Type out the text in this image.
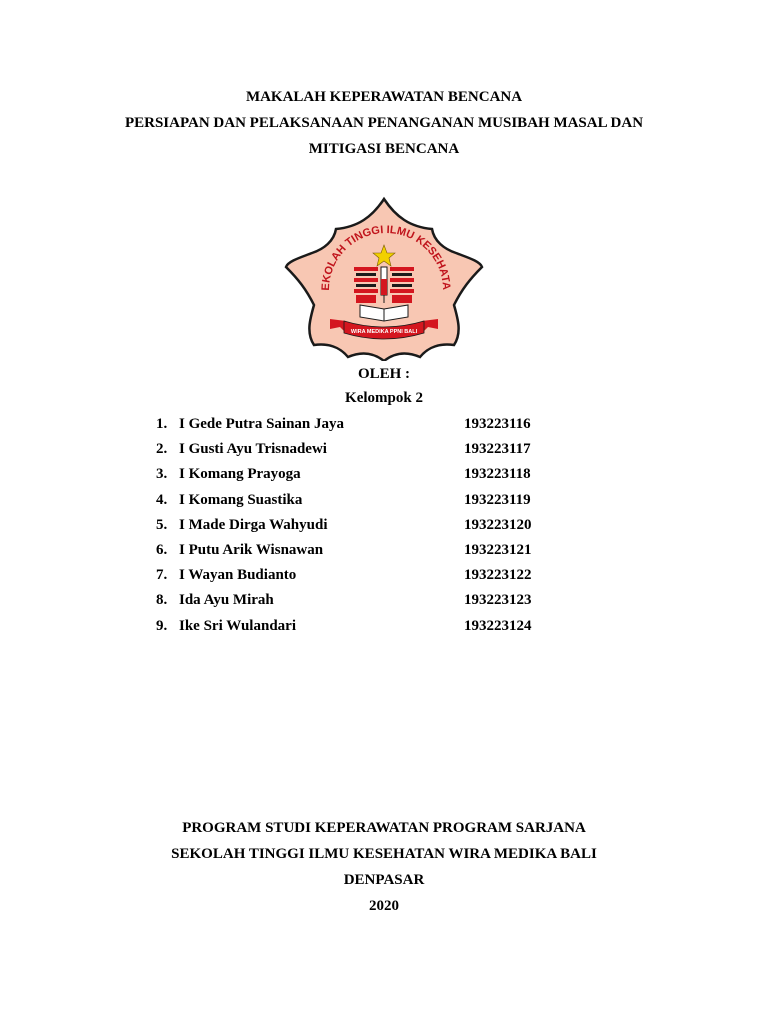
MAKALAH KEPERAWATAN BENCANA
PERSIAPAN DAN PELAKSANAAN PENANGANAN MUSIBAH MASAL DAN
MITIGASI BENCANA
EKOLAH TINGGI ILMU KESEHATA
WIRA MEDIKA PPNI BALI
OLEH :
Kelompok 2
1. I Gede Putra Sainan Jaya	193223116
2. I Gusti Ayu Trisnadewi	193223117
3. I Komang Prayoga	193223118
4. I Komang Suastika	193223119
5. I Made Dirga Wahyudi	193223120
6. I Putu Arik Wisnawan	193223121
7. I Wayan Budianto	193223122
8. Ida Ayu Mirah	193223123
9. Ike Sri Wulandari	193223124
PROGRAM STUDI KEPERAWATAN PROGRAM SARJANA
SEKOLAH TINGGI ILMU KESEHATAN WIRA MEDIKA BALI
DENPASAR
2020
